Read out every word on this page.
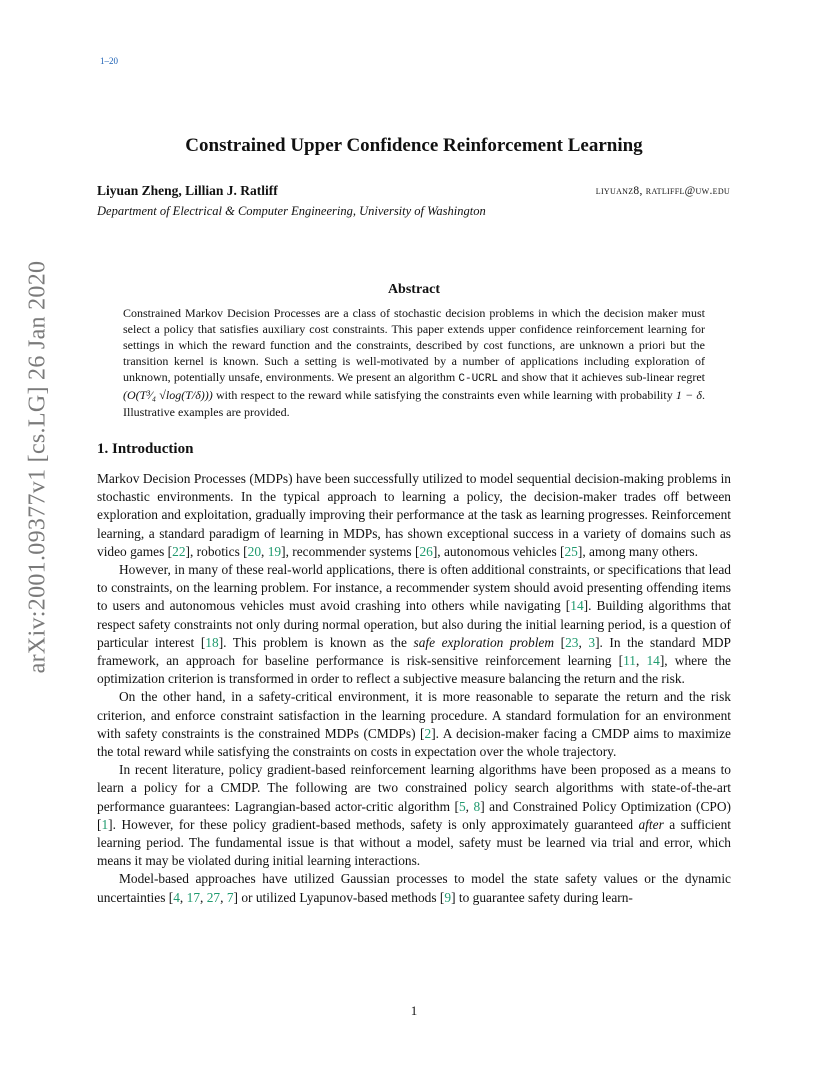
1–20
arXiv:2001.09377v1 [cs.LG] 26 Jan 2020
Constrained Upper Confidence Reinforcement Learning
Liyuan Zheng, Lillian J. Ratliff	liyuanz8, ratliffl@uw.edu
Department of Electrical & Computer Engineering, University of Washington
Abstract
Constrained Markov Decision Processes are a class of stochastic decision problems in which the decision maker must select a policy that satisfies auxiliary cost constraints. This paper extends upper confidence reinforcement learning for settings in which the reward function and the constraints, described by cost functions, are unknown a priori but the transition kernel is known. Such a setting is well-motivated by a number of applications including exploration of unknown, potentially unsafe, environments. We present an algorithm C-UCRL and show that it achieves sub-linear regret (O(T³⁄₄ √log(T/δ))) with respect to the reward while satisfying the constraints even while learning with probability 1 − δ. Illustrative examples are provided.
1. Introduction

Markov Decision Processes (MDPs) have been successfully utilized to model sequential decision-making problems in stochastic environments. In the typical approach to learning a policy, the decision-maker trades off between exploration and exploitation, gradually improving their performance at the task as learning progresses. Reinforcement learning, a standard paradigm of learning in MDPs, has shown exceptional success in a variety of domains such as video games [22], robotics [20, 19], recommender systems [26], autonomous vehicles [25], among many others.

However, in many of these real-world applications, there is often additional constraints, or specifications that lead to constraints, on the learning problem. For instance, a recommender system should avoid presenting offending items to users and autonomous vehicles must avoid crashing into others while navigating [14]. Building algorithms that respect safety constraints not only during normal operation, but also during the initial learning period, is a question of particular interest [18]. This problem is known as the safe exploration problem [23, 3]. In the standard MDP framework, an approach for baseline performance is risk-sensitive reinforcement learning [11, 14], where the optimization criterion is transformed in order to reflect a subjective measure balancing the return and the risk.

On the other hand, in a safety-critical environment, it is more reasonable to separate the return and the risk criterion, and enforce constraint satisfaction in the learning procedure. A standard formulation for an environment with safety constraints is the constrained MDPs (CMDPs) [2]. A decision-maker facing a CMDP aims to maximize the total reward while satisfying the constraints on costs in expectation over the whole trajectory.

In recent literature, policy gradient-based reinforcement learning algorithms have been proposed as a means to learn a policy for a CMDP. The following are two constrained policy search algorithms with state-of-the-art performance guarantees: Lagrangian-based actor-critic algorithm [5, 8] and Constrained Policy Optimization (CPO) [1]. However, for these policy gradient-based methods, safety is only approximately guaranteed after a sufficient learning period. The fundamental issue is that without a model, safety must be learned via trial and error, which means it may be violated during initial learning interactions.

Model-based approaches have utilized Gaussian processes to model the state safety values or the dynamic uncertainties [4, 17, 27, 7] or utilized Lyapunov-based methods [9] to guarantee safety during learn-

1
